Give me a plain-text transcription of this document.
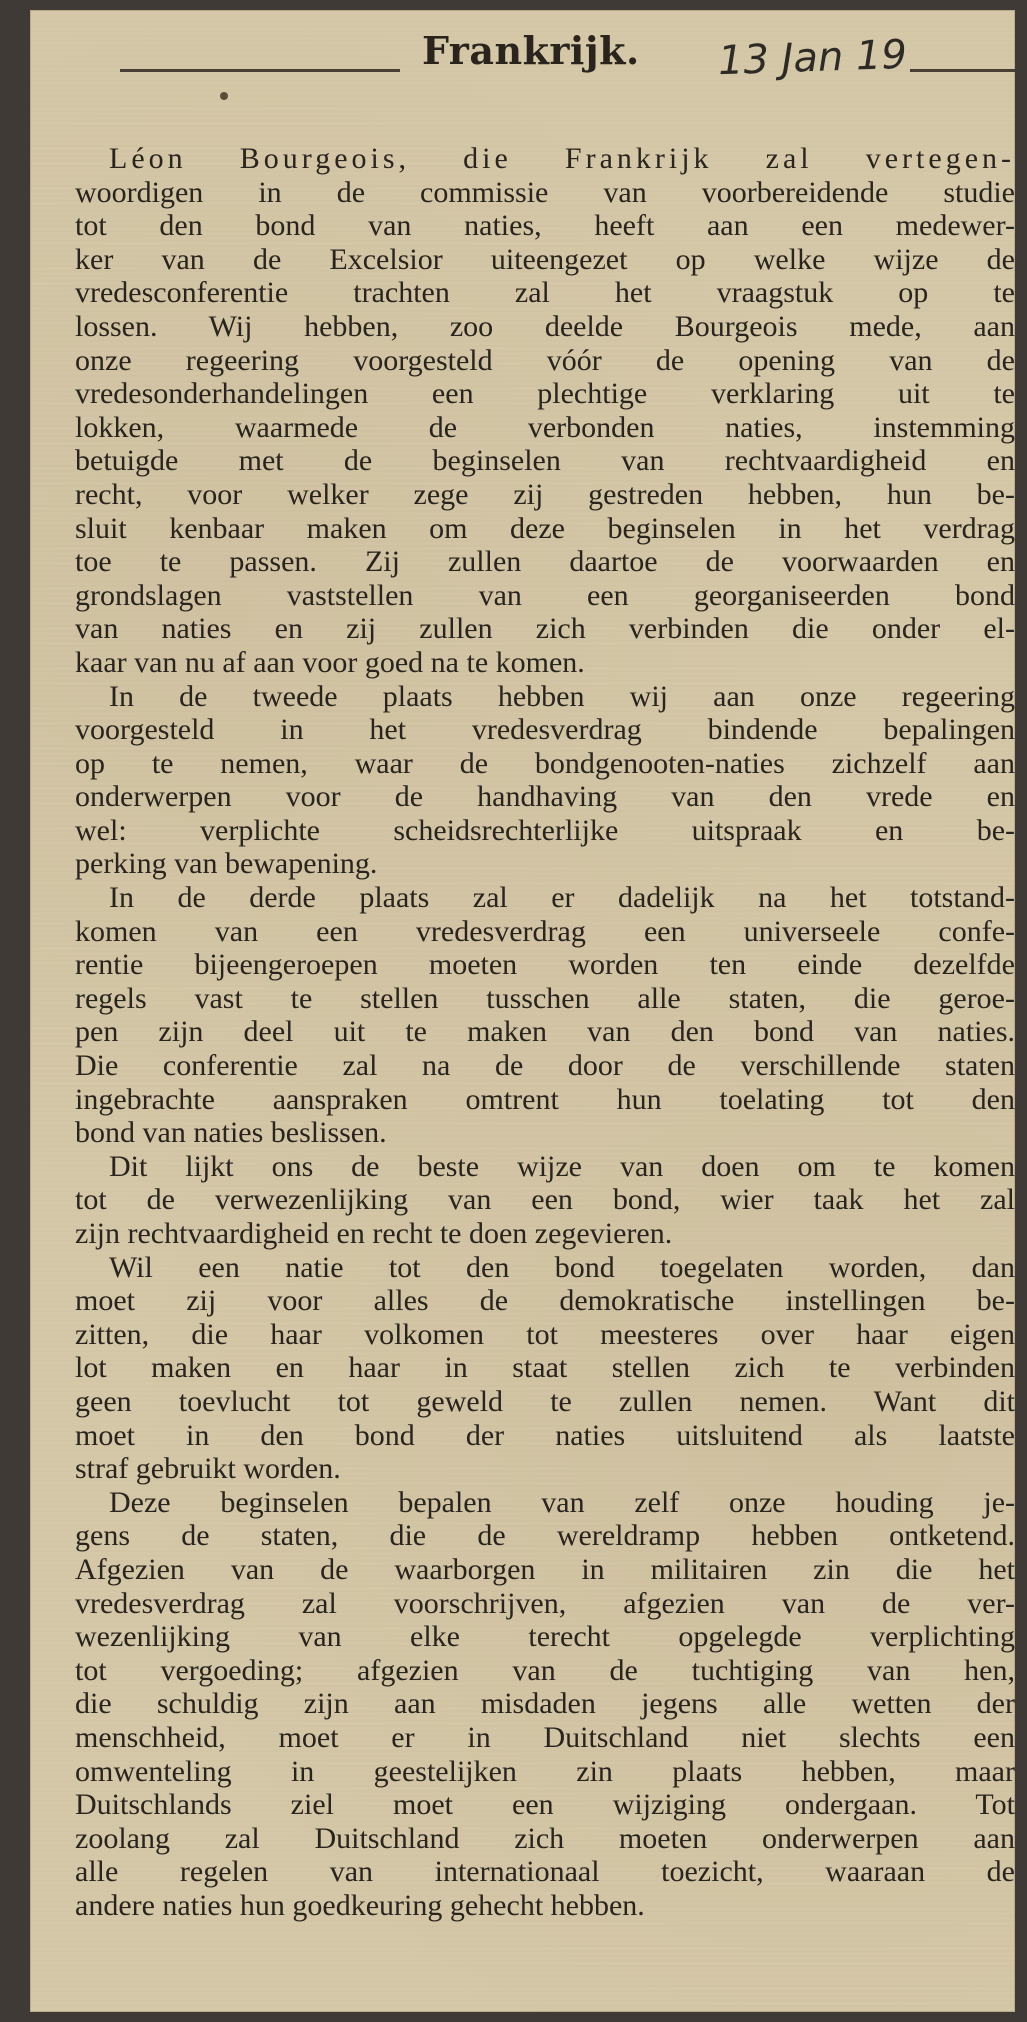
Frankrijk. 13 Jan 19
Léon Bourgeois, die Frankrijk zal vertegen-
woordigen in de commissie van voorbereidende studie
tot den bond van naties, heeft aan een medewer-
ker van de Excelsior uiteengezet op welke wijze de
vredesconferentie trachten zal het vraagstuk op te
lossen. Wij hebben, zoo deelde Bourgeois mede, aan
onze regeering voorgesteld vóór de opening van de
vredesonderhandelingen een plechtige verklaring uit te
lokken, waarmede de verbonden naties, instemming
betuigde met de beginselen van rechtvaardigheid en
recht, voor welker zege zij gestreden hebben, hun be-
sluit kenbaar maken om deze beginselen in het verdrag
toe te passen. Zij zullen daartoe de voorwaarden en
grondslagen vaststellen van een georganiseerden bond
van naties en zij zullen zich verbinden die onder el-
kaar van nu af aan voor goed na te komen.
In de tweede plaats hebben wij aan onze regeering
voorgesteld in het vredesverdrag bindende bepalingen
op te nemen, waar de bondgenooten-naties zichzelf aan
onderwerpen voor de handhaving van den vrede en
wel: verplichte scheidsrechterlijke uitspraak en be-
perking van bewapening.
In de derde plaats zal er dadelijk na het totstand-
komen van een vredesverdrag een universeele confe-
rentie bijeengeroepen moeten worden ten einde dezelfde
regels vast te stellen tusschen alle staten, die geroe-
pen zijn deel uit te maken van den bond van naties.
Die conferentie zal na de door de verschillende staten
ingebrachte aanspraken omtrent hun toelating tot den
bond van naties beslissen.
Dit lijkt ons de beste wijze van doen om te komen
tot de verwezenlijking van een bond, wier taak het zal
zijn rechtvaardigheid en recht te doen zegevieren.
Wil een natie tot den bond toegelaten worden, dan
moet zij voor alles de demokratische instellingen be-
zitten, die haar volkomen tot meesteres over haar eigen
lot maken en haar in staat stellen zich te verbinden
geen toevlucht tot geweld te zullen nemen. Want dit
moet in den bond der naties uitsluitend als laatste
straf gebruikt worden.
Deze beginselen bepalen van zelf onze houding je-
gens de staten, die de wereldramp hebben ontketend.
Afgezien van de waarborgen in militairen zin die het
vredesverdrag zal voorschrijven, afgezien van de ver-
wezenlijking van elke terecht opgelegde verplichting
tot vergoeding; afgezien van de tuchtiging van hen,
die schuldig zijn aan misdaden jegens alle wetten der
menschheid, moet er in Duitschland niet slechts een
omwenteling in geestelijken zin plaats hebben, maar
Duitschlands ziel moet een wijziging ondergaan. Tot
zoolang zal Duitschland zich moeten onderwerpen aan
alle regelen van internationaal toezicht, waaraan de
andere naties hun goedkeuring gehecht hebben.
